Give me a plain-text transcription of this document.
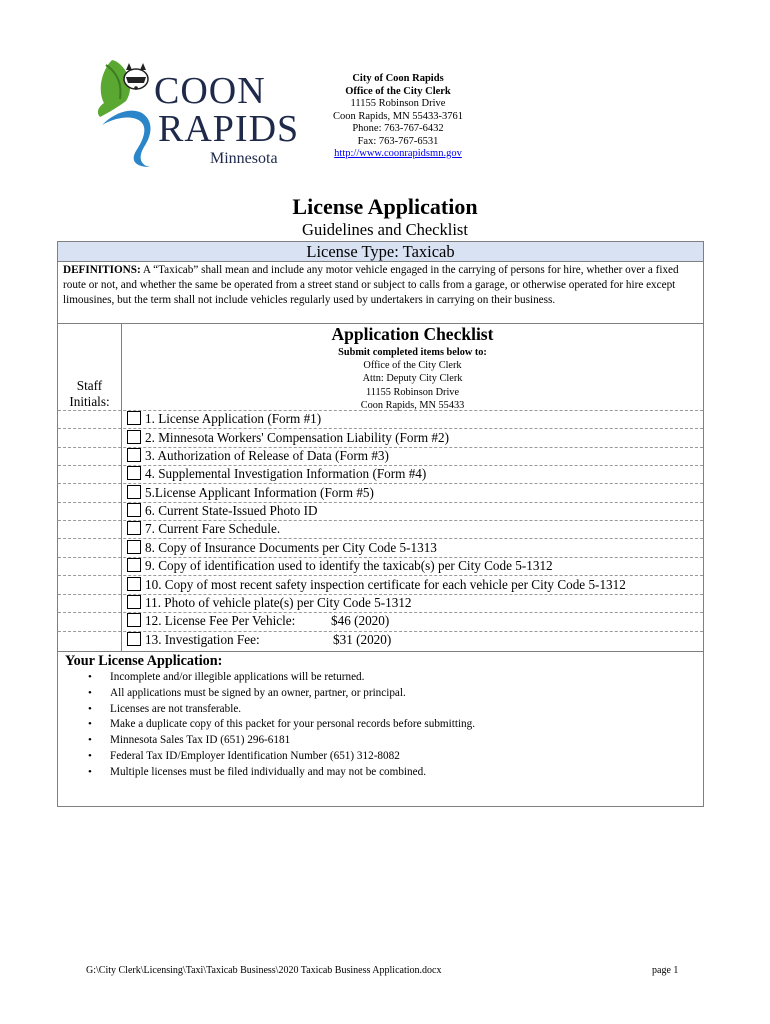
COON
RAPIDS
Minnesota
City of Coon Rapids
Office of the City Clerk
11155 Robinson Drive
Coon Rapids, MN 55433-3761
Phone: 763-767-6432
Fax: 763-767-6531
http://www.coonrapidsmn.gov
License Application
Guidelines and Checklist
License Type: Taxicab
DEFINITIONS: A “Taxicab” shall mean and include any motor vehicle engaged in the carrying of persons for hire, whether over a fixed route or not, and whether the same be operated from a street stand or subject to calls from a garage, or otherwise operated for hire except limousines, but the term shall not include vehicles regularly used by undertakers in carrying on their business.
Staff
Initials:
Application Checklist
Submit completed items below to:
Office of the City Clerk
Attn: Deputy City Clerk
11155 Robinson Drive
Coon Rapids, MN 55433
1. License Application (Form #1)
2. Minnesota Workers' Compensation Liability (Form #2)
3. Authorization of Release of Data (Form #3)
4. Supplemental Investigation Information (Form #4)
5.License Applicant Information (Form #5)
6. Current State-Issued Photo ID
7. Current Fare Schedule.
8. Copy of Insurance Documents per City Code 5-1313
9. Copy of identification used to identify the taxicab(s) per City Code 5-1312
10. Copy of most recent safety inspection certificate for each vehicle per City Code 5-1312
11. Photo of vehicle plate(s) per City Code 5-1312
12. License Fee Per Vehicle:	$46 (2020)
13. Investigation Fee:	$31 (2020)
Your License Application:
• Incomplete and/or illegible applications will be returned.
• All applications must be signed by an owner, partner, or principal.
• Licenses are not transferable.
• Make a duplicate copy of this packet for your personal records before submitting.
• Minnesota Sales Tax ID (651) 296-6181
• Federal Tax ID/Employer Identification Number (651) 312-8082
• Multiple licenses must be filed individually and may not be combined.
G:\City Clerk\Licensing\Taxi\Taxicab Business\2020 Taxicab Business Application.docx	page 1
